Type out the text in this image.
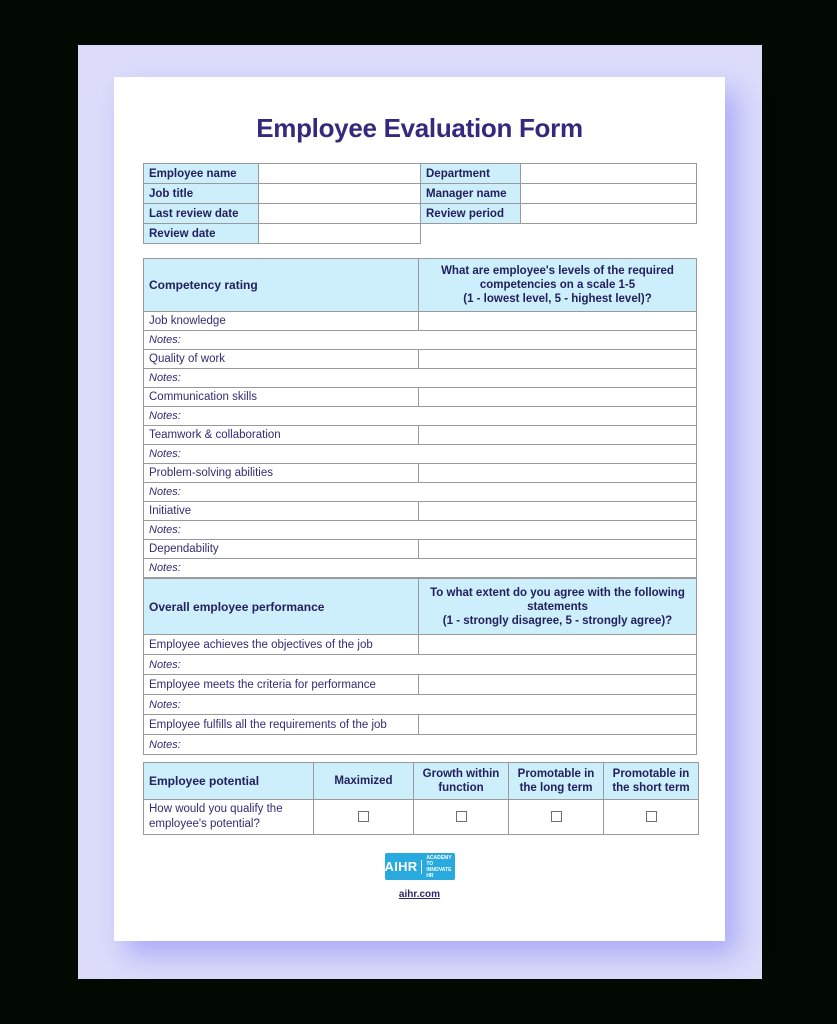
Employee Evaluation Form
Employee name		Department	
Job title		Manager name	
Last review date		Review period	
Review date			
Competency rating	What are employee's levels of the required competencies on a scale 1-5
(1 - lowest level, 5 - highest level)?

Job knowledge	
Notes:	
Quality of work	
Notes:	
Communication skills	
Notes:	
Teamwork & collaboration	
Notes:	
Problem-solving abilities	
Notes:	
Initiative	
Notes:	
Dependability	
Notes:	
Overall employee performance	To what extent do you agree with the following statements
(1 - strongly disagree, 5 - strongly agree)?

Employee achieves the objectives of the job	
Notes:	
Employee meets the criteria for performance	
Notes:	
Employee fulfills all the requirements of the job	
Notes:	
Employee potential	Maximized	Growth within function	Promotable in the long term	Promotable in the short term
How would you qualify the employee's potential?				
AIHR
ACADEMY TO
INNOVATE HR
aihr.com
